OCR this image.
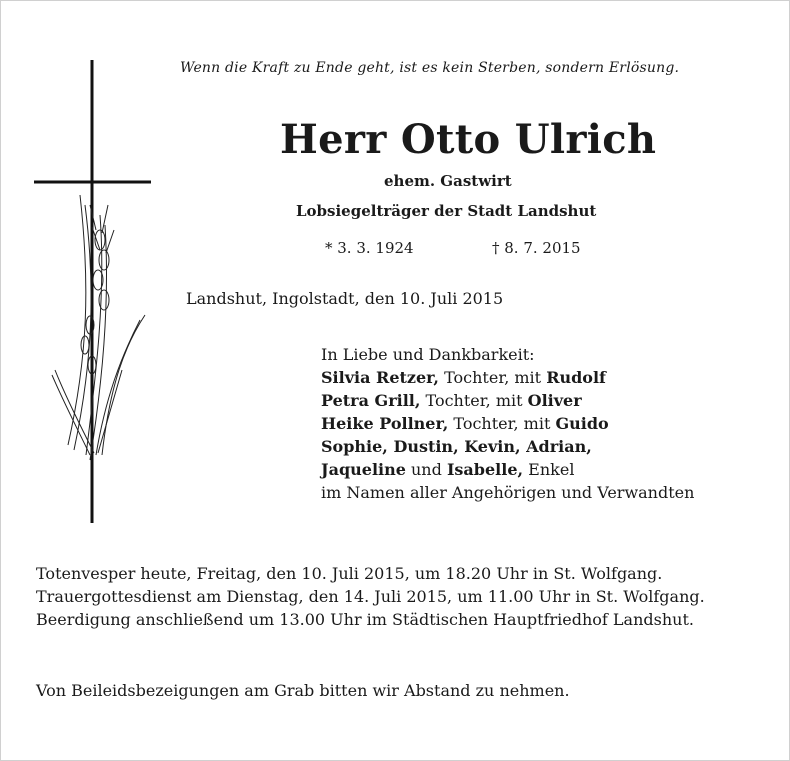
Wenn die Kraft zu Ende geht, ist es kein Sterben, sondern Erlösung.
Herr Otto Ulrich
ehem. Gastwirt
Lobsiegelträger der Stadt Landshut
* 3. 3. 1924	† 8. 7. 2015
Landshut, Ingolstadt, den 10. Juli 2015
In Liebe und Dankbarkeit:
Silvia Retzer, Tochter, mit Rudolf
Petra Grill, Tochter, mit Oliver
Heike Pollner, Tochter, mit Guido
Sophie, Dustin, Kevin, Adrian,
Jaqueline und Isabelle, Enkel
im Namen aller Angehörigen und Verwandten

Totenvesper heute, Freitag, den 10. Juli 2015, um 18.20 Uhr in St. Wolfgang.

Trauergottesdienst am Dienstag, den 14. Juli 2015, um 11.00 Uhr in St. Wolfgang.

Beerdigung anschließend um 13.00 Uhr im Städtischen Hauptfriedhof Landshut.

Von Beileidsbezeigungen am Grab bitten wir Abstand zu nehmen.
